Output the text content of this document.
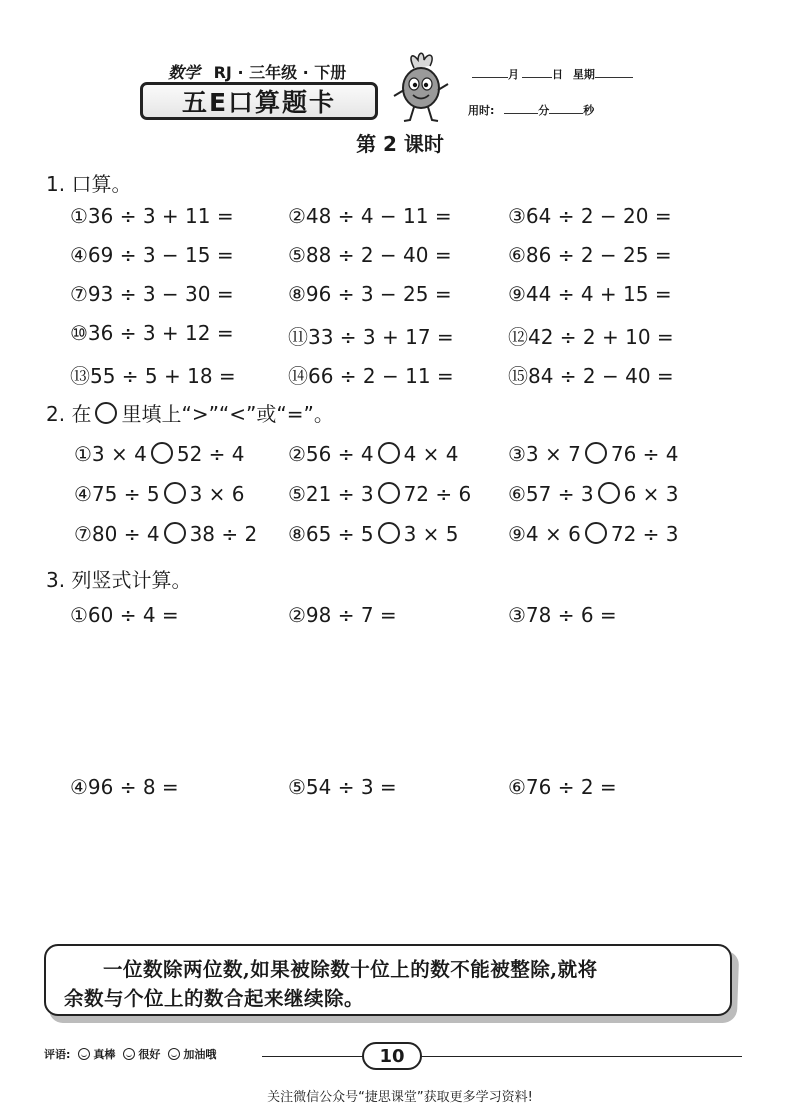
数学 RJ · 三年级 · 下册
五E口算题卡
月	日 星期
用时:	分	秒
第 2 课时
1. 口算。
①36 ÷ 3 + 11 =	②48 ÷ 4 − 11 =	③64 ÷ 2 − 20 =
④69 ÷ 3 − 15 =	⑤88 ÷ 2 − 40 =	⑥86 ÷ 2 − 25 =
⑦93 ÷ 3 − 30 =	⑧96 ÷ 3 − 25 =	⑨44 ÷ 4 + 15 =
⑩36 ÷ 3 + 12 =	⑪33 ÷ 3 + 17 =	⑫42 ÷ 2 + 10 =
⑬55 ÷ 5 + 18 =	⑭66 ÷ 2 − 11 =	⑮84 ÷ 2 − 40 =
2. 在 里填上“>”“<”或“=”。
①3 × 4 52 ÷ 4 ②56 ÷ 4 4 × 4 ③3 × 7 76 ÷ 4
④75 ÷ 5 3 × 6 ⑤21 ÷ 3 72 ÷ 6 ⑥57 ÷ 3 6 × 3
⑦80 ÷ 4 38 ÷ 2 ⑧65 ÷ 5 3 × 5 ⑨4 × 6 72 ÷ 3
3. 列竖式计算。
①60 ÷ 4 =	②98 ÷ 7 =	③78 ÷ 6 =
④96 ÷ 8 =	⑤54 ÷ 3 =	⑥76 ÷ 2 =
一位数除两位数,如果被除数十位上的数不能被整除,就将
余数与个位上的数合起来继续除。
评语: 真棒 很好 加油哦	10
关注微信公众号“捷思课堂”获取更多学习资料!
